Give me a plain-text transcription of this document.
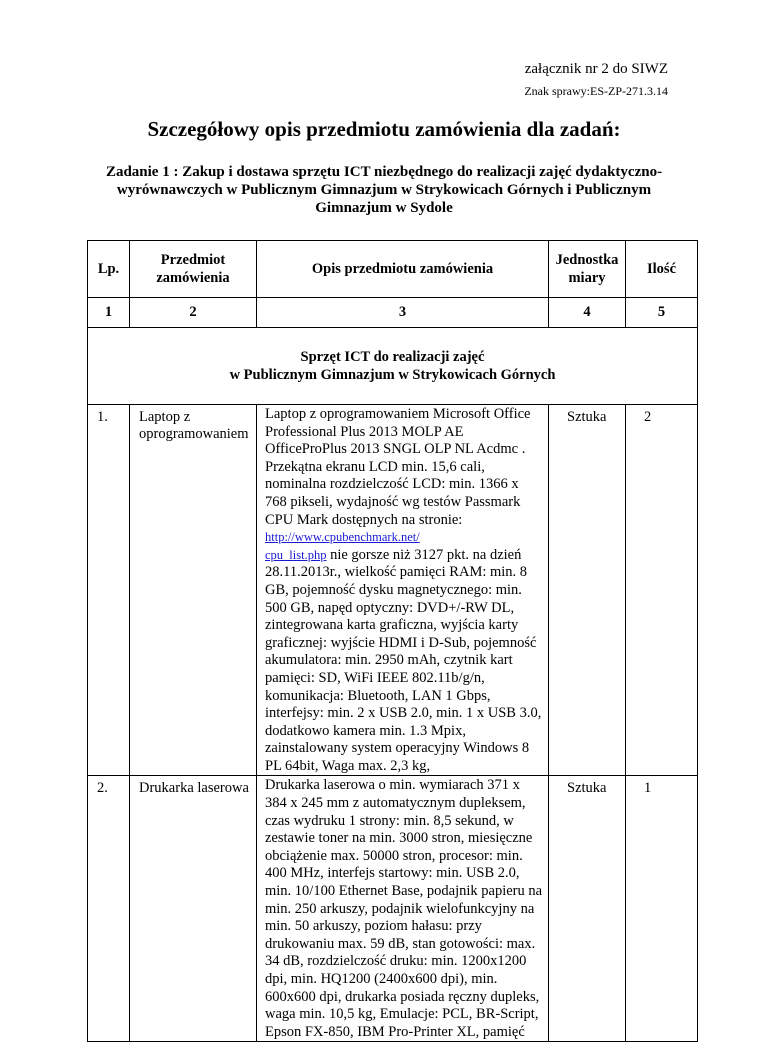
załącznik nr 2 do SIWZ
Znak sprawy:ES-ZP-271.3.14
Szczegółowy opis przedmiotu zamówienia dla zadań:
Zadanie 1 : Zakup i dostawa sprzętu ICT niezbędnego do realizacji zajęć dydaktyczno-
wyrównawczych w Publicznym Gimnazjum w Strykowicach Górnych i Publicznym
Gimnazjum w Sydole
Lp.	Przedmiot zamówienia	Opis przedmiotu zamówienia	Jednostka miary	Ilość
1	2	3	4	5

Sprzęt ICT do realizacji zajęć
w Publicznym Gimnazjum w Strykowicach Górnych				

1.	Laptop z oprogramowaniem	Laptop z oprogramowaniem Microsoft Office Professional Plus 2013 MOLP AE OfficeProPlus 2013 SNGL OLP NL Acdmc . Przekątna ekranu LCD min. 15,6 cali, nominalna rozdzielczość LCD: min. 1366 x 768 pikseli, wydajność wg testów Passmark CPU Mark dostępnych na stronie:
http://www.cpubenchmark.net/
cpu_list.php nie gorsze niż 3127 pkt. na dzień 28.11.2013r., wielkość pamięci RAM: min. 8 GB, pojemność dysku magnetycznego: min. 500 GB, napęd optyczny: DVD+/-RW DL, zintegrowana karta graficzna, wyjścia karty graficznej: wyjście HDMI i D-Sub, pojemność akumulatora: min. 2950 mAh, czytnik kart pamięci: SD, WiFi IEEE 802.11b/g/n, komunikacja: Bluetooth, LAN 1 Gbps, interfejsy: min. 2 x USB 2.0, min. 1 x USB 3.0, dodatkowo kamera min. 1.3 Mpix, zainstalowany system operacyjny Windows 8 PL 64bit, Waga max. 2,3 kg,	Sztuka	2
2.	Drukarka laserowa	Drukarka laserowa o min. wymiarach 371 x 384 x 245 mm z automatycznym dupleksem, czas wydruku 1 strony: min. 8,5 sekund, w zestawie toner na min. 3000 stron, miesięczne obciążenie max. 50000 stron, procesor: min. 400 MHz, interfejs startowy: min. USB 2.0, min. 10/100 Ethernet Base, podajnik papieru na min. 250 arkuszy, podajnik wielofunkcyjny na min. 50 arkuszy, poziom hałasu: przy drukowaniu max. 59 dB, stan gotowości: max. 34 dB, rozdzielczość druku: min. 1200x1200 dpi, min. HQ1200 (2400x600 dpi), min. 600x600 dpi, drukarka posiada ręczny dupleks, waga min. 10,5 kg, Emulacje: PCL, BR-Script, Epson FX-850, IBM Pro-Printer XL, pamięć	Sztuka	1
